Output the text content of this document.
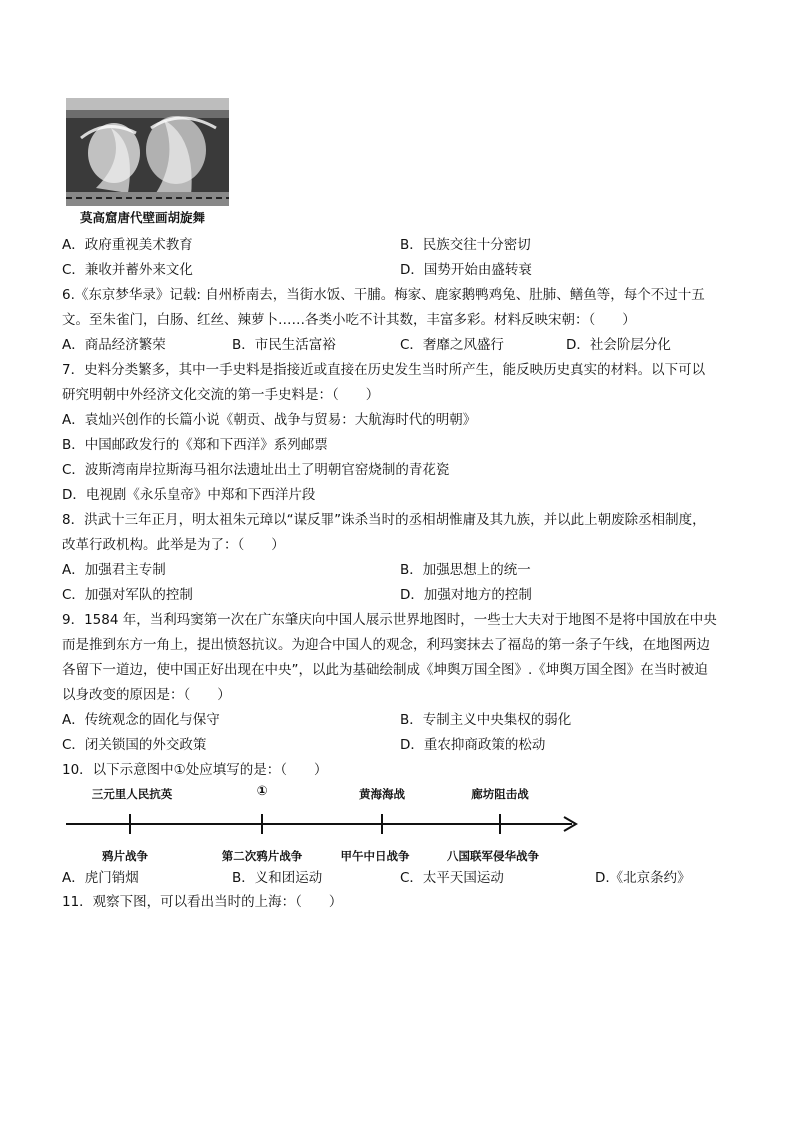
莫高窟唐代壁画胡旋舞
A．政府重视美术教育	B．民族交往十分密切
C．兼收并蓄外来文化	D．国势开始由盛转衰
6.《东京梦华录》记载: 自州桥南去，当街水饭、干脯。梅家、鹿家鹅鸭鸡兔、肚肺、鳝鱼等，每个不过十五
文。至朱雀门，白肠、红丝、辣萝卜……各类小吃不计其数，丰富多彩。材料反映宋朝：（　　）
A．商品经济繁荣	B．市民生活富裕	C．奢靡之风盛行	D．社会阶层分化
7．史料分类繁多，其中一手史料是指接近或直接在历史发生当时所产生，能反映历史真实的材料。以下可以
研究明朝中外经济文化交流的第一手史料是：（　　）
A．袁灿兴创作的长篇小说《朝贡、战争与贸易：大航海时代的明朝》
B．中国邮政发行的《郑和下西洋》系列邮票
C．波斯湾南岸拉斯海马祖尔法遗址出土了明朝官窑烧制的青花瓷
D．电视剧《永乐皇帝》中郑和下西洋片段
8．洪武十三年正月，明太祖朱元璋以“谋反罪”诛杀当时的丞相胡惟庸及其九族，并以此上朝废除丞相制度，
改革行政机构。此举是为了：（　　）
A．加强君主专制	B．加强思想上的统一
C．加强对军队的控制	D．加强对地方的控制
9．1584 年，当利玛窦第一次在广东肇庆向中国人展示世界地图时，一些士大夫对于地图不是将中国放在中央
而是推到东方一角上，提出愤怒抗议。为迎合中国人的观念，利玛窦抹去了福岛的第一条子午线，在地图两边
各留下一道边，使中国正好出现在中央”，以此为基础绘制成《坤舆万国全图》.《坤舆万国全图》在当时被迫
以身改变的原因是：（　　）
A．传统观念的固化与保守	B．专制主义中央集权的弱化
C．闭关锁国的外交政策	D．重农抑商政策的松动
10．以下示意图中①处应填写的是：（　　）
三元里人民抗英	①	黄海海战	廊坊阻击战
鸦片战争	第二次鸦片战争	甲午中日战争	八国联军侵华战争
A．虎门销烟	B．义和团运动	C．太平天国运动	D.《北京条约》
11．观察下图，可以看出当时的上海：（　　）
